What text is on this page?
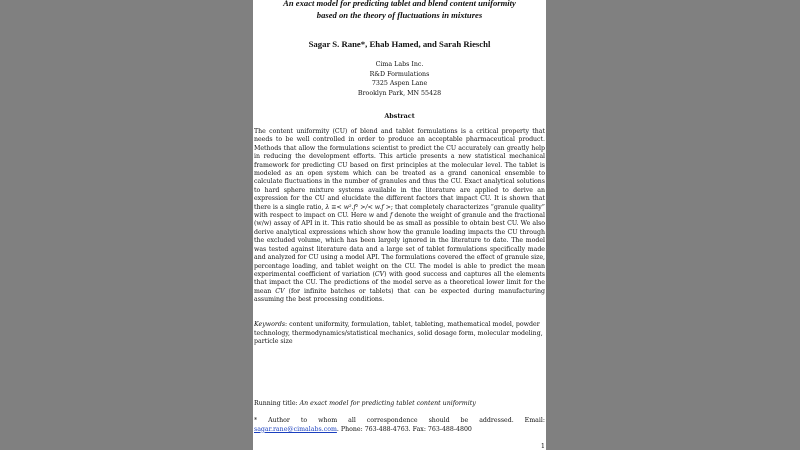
An exact model for predicting tablet and blend content uniformity
based on the theory of fluctuations in mixtures
Sagar S. Rane*, Ehab Hamed, and Sarah Rieschl
Cima Labs Inc.
R&D Formulations
7325 Aspen Lane
Brooklyn Park, MN 55428
Abstract

The content uniformity (CU) of blend and tablet formulations is a critical property that needs to be well controlled in order to produce an acceptable pharmaceutical product. Methods that allow the formulations scientist to predict the CU accurately can greatly help in reducing the development efforts. This article presents a new statistical mechanical framework for predicting CU based on first principles at the molecular level. The tablet is modeled as an open system which can be treated as a grand canonical ensemble to calculate fluctuations in the number of granules and thus the CU. Exact analytical solutions to hard sphere mixture systems available in the literature are applied to derive an expression for the CU and elucidate the different factors that impact CU. It is shown that there is a single ratio, λ ≡< w².f² >/< w.f >; that completely characterizes “granule quality” with respect to impact on CU. Here w and f denote the weight of granule and the fractional (w/w) assay of API in it. This ratio should be as small as possible to obtain best CU. We also derive analytical expressions which show how the granule loading impacts the CU through the excluded volume, which has been largely ignored in the literature to date. The model was tested against literature data and a large set of tablet formulations specifically made and analyzed for CU using a model API. The formulations covered the effect of granule size, percentage loading, and tablet weight on the CU. The model is able to predict the mean experimental coefficient of variation (CV) with good success and captures all the elements that impact the CU. The predictions of the model serve as a theoretical lower limit for the mean CV (for infinite batches or tablets) that can be expected during manufacturing assuming the best processing conditions.

Keywords: content uniformity, formulation, tablet, tableting, mathematical model, powder technology, thermodynamics/statistical mechanics, solid dosage form, molecular modeling, particle size

Running title: An exact model for predicting tablet content uniformity

* Author to whom all correspondence should be addressed. Email: sagar.rane@cimalabs.com. Phone: 763-488-4763. Fax: 763-488-4800

1
